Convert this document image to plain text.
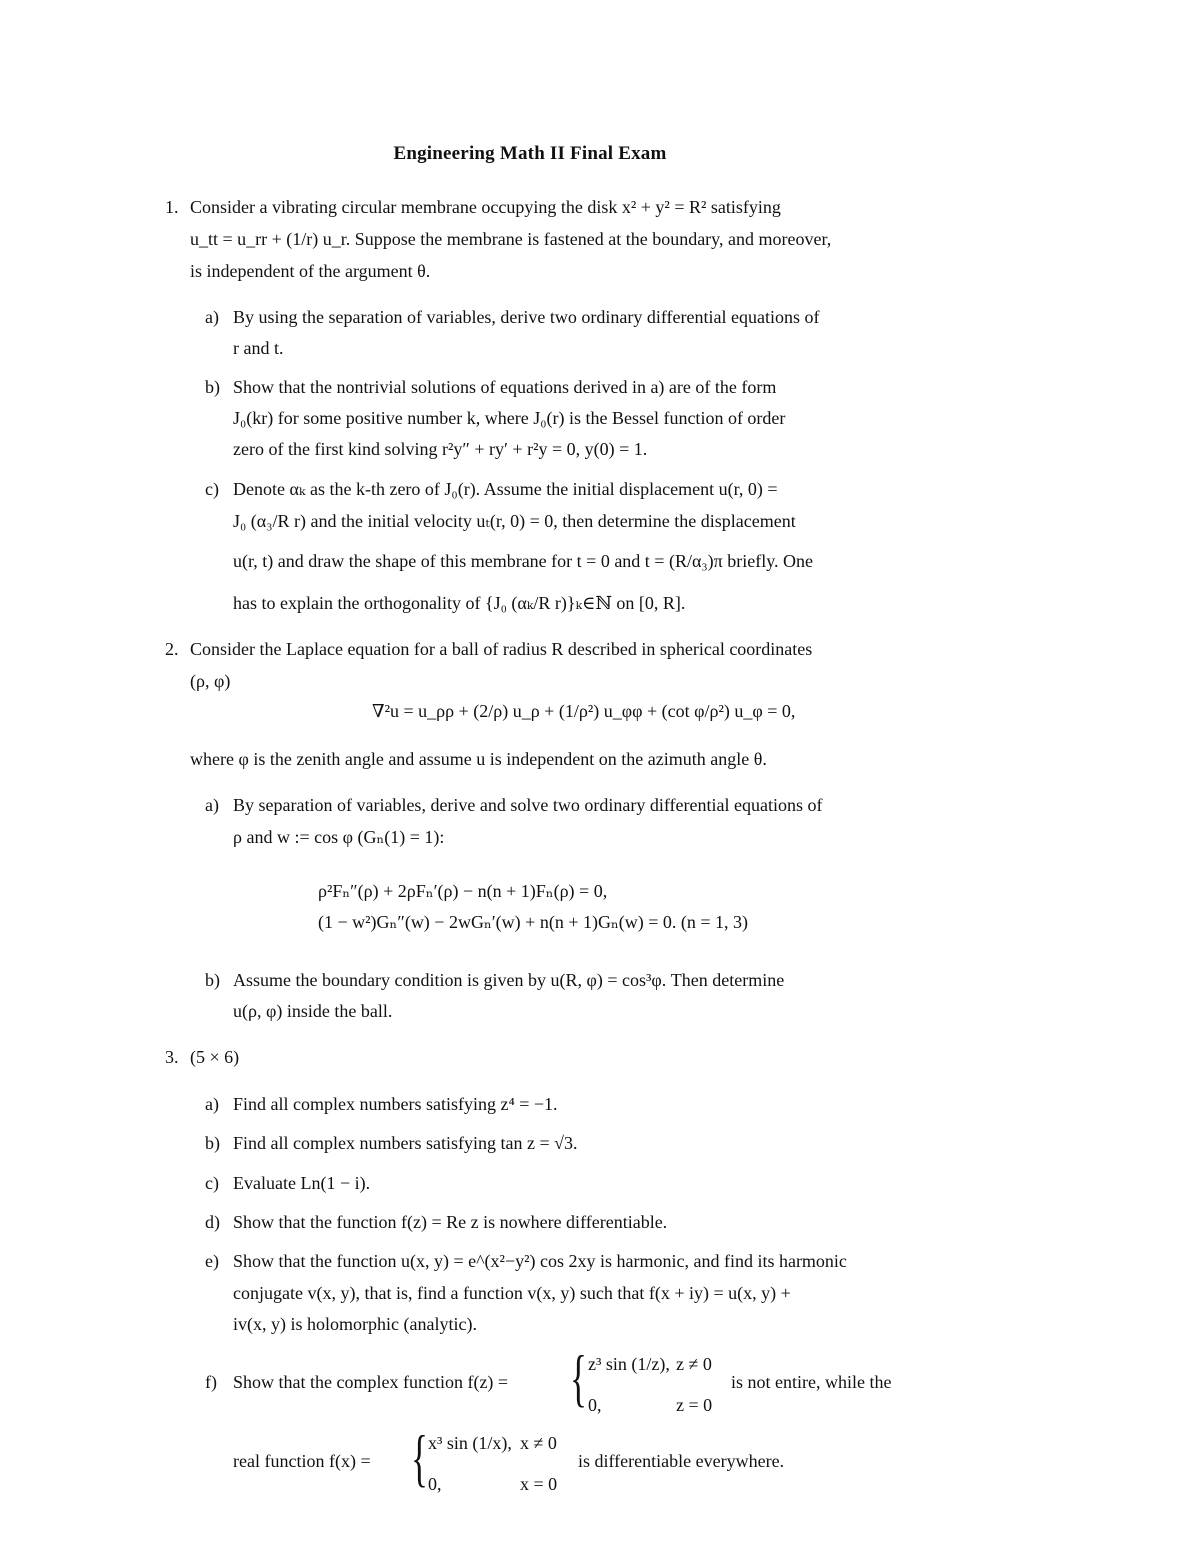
Engineering Math II Final Exam
1. Consider a vibrating circular membrane occupying the disk x² + y² = R² satisfying
u_tt = u_rr + (1/r) u_r. Suppose the membrane is fastened at the boundary, and moreover,
is independent of the argument θ.
a) By using the separation of variables, derive two ordinary differential equations of
r and t.
b) Show that the nontrivial solutions of equations derived in a) are of the form
J₀(kr) for some positive number k, where J₀(r) is the Bessel function of order
zero of the first kind solving r²y″ + ry′ + r²y = 0, y(0) = 1.
c) Denote αₖ as the k-th zero of J₀(r). Assume the initial displacement u(r, 0) =
J₀ (α₃/R r) and the initial velocity uₜ(r, 0) = 0, then determine the displacement
u(r, t) and draw the shape of this membrane for t = 0 and t = (R/α₃)π briefly. One
has to explain the orthogonality of {J₀ (αₖ/R r)}ₖ∈ℕ on [0, R].
2. Consider the Laplace equation for a ball of radius R described in spherical coordinates
(ρ, φ)
∇²u = u_ρρ + (2/ρ) u_ρ + (1/ρ²) u_φφ + (cot φ/ρ²) u_φ = 0,
where φ is the zenith angle and assume u is independent on the azimuth angle θ.
a) By separation of variables, derive and solve two ordinary differential equations of
ρ and w := cos φ (Gₙ(1) = 1):
ρ²Fₙ″(ρ) + 2ρFₙ′(ρ) − n(n + 1)Fₙ(ρ) = 0,
(1 − w²)Gₙ″(w) − 2wGₙ′(w) + n(n + 1)Gₙ(w) = 0. (n = 1, 3)
b) Assume the boundary condition is given by u(R, φ) = cos³φ. Then determine
u(ρ, φ) inside the ball.
3. (5 × 6)
a) Find all complex numbers satisfying z⁴ = −1.
b) Find all complex numbers satisfying tan z = √3.
c) Evaluate Ln(1 − i).
d) Show that the function f(z) = Re z is nowhere differentiable.
e) Show that the function u(x, y) = e^(x²−y²) cos 2xy is harmonic, and find its harmonic
conjugate v(x, y), that is, find a function v(x, y) such that f(x + iy) = u(x, y) +
iv(x, y) is holomorphic (analytic).
f) Show that the complex function f(z) = { z³ sin (1/z), z ≠ 0
0,	z = 0
is not entire, while the
real function f(x) = { x³ sin (1/x), x ≠ 0
0,	x = 0
is differentiable everywhere.
